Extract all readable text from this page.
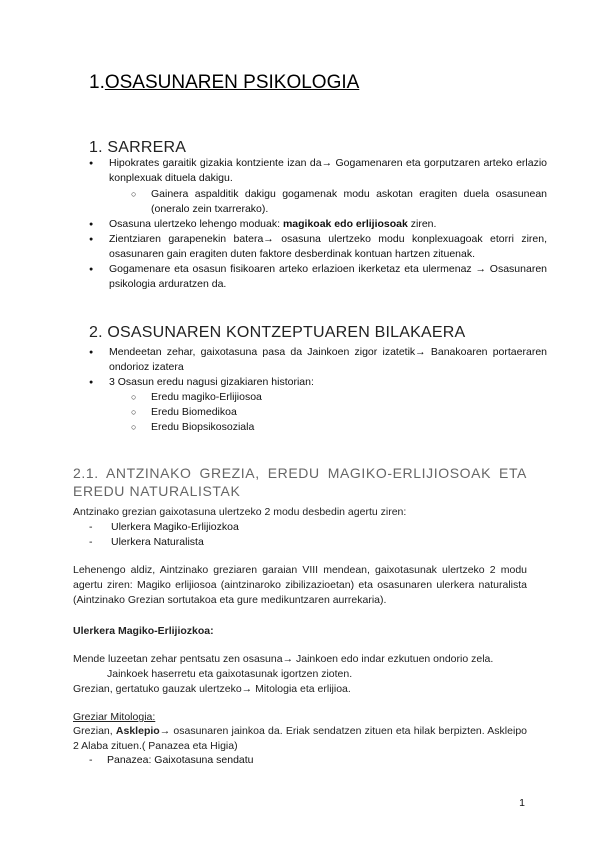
1.OSASUNAREN PSIKOLOGIA
1. SARRERA
● Hipokrates garaitik gizakia kontziente izan da→ Gogamenaren eta gorputzaren arteko erlazio konplexuak dituela dakigu.
○ Gainera aspalditik dakigu gogamenak modu askotan eragiten duela osasunean (oneralo zein txarrerako).
● Osasuna ulertzeko lehengo moduak: magikoak edo erlijiosoak ziren.
● Zientziaren garapenekin batera→ osasuna ulertzeko modu konplexuagoak etorri ziren, osasunaren gain eragiten duten faktore desberdinak kontuan hartzen zituenak.
● Gogamenare eta osasun fisikoaren arteko erlazioen ikerketaz eta ulermenaz → Osasunaren psikologia arduratzen da.
2. OSASUNAREN KONTZEPTUAREN BILAKAERA
● Mendeetan zehar, gaixotasuna pasa da Jainkoen zigor izatetik→ Banakoaren portaeraren ondorioz izatera
● 3 Osasun eredu nagusi gizakiaren historian:
○ Eredu magiko-Erlijiosoa
○ Eredu Biomedikoa
○ Eredu Biopsikosoziala
2.1. ANTZINAKO GREZIA, EREDU MAGIKO-ERLIJIOSOAK ETA EREDU NATURALISTAK
Antzinako grezian gaixotasuna ulertzeko 2 modu desbedin agertu ziren:
- Ulerkera Magiko-Erlijiozkoa
- Ulerkera Naturalista
Lehenengo aldiz, Aintzinako greziaren garaian VIII mendean, gaixotasunak ulertzeko 2 modu agertu ziren: Magiko erlijiosoa (aintzinaroko zibilizazioetan) eta osasunaren ulerkera naturalista (Aintzinako Grezian sortutakoa eta gure medikuntzaren aurrekaria).
Ulerkera Magiko-Erlijiozkoa:
Mende luzeetan zehar pentsatu zen osasuna→ Jainkoen edo indar ezkutuen ondorio zela.
Jainkoek haserretu eta gaixotasunak igortzen zioten.
Grezian, gertatuko gauzak ulertzeko→ Mitologia eta erlijioa.
Greziar Mitologia:
Grezian, Asklepio→ osasunaren jainkoa da. Eriak sendatzen zituen eta hilak berpizten. Askleipo 2 Alaba zituen.( Panazea eta Higia)
- Panazea: Gaixotasuna sendatu
1
